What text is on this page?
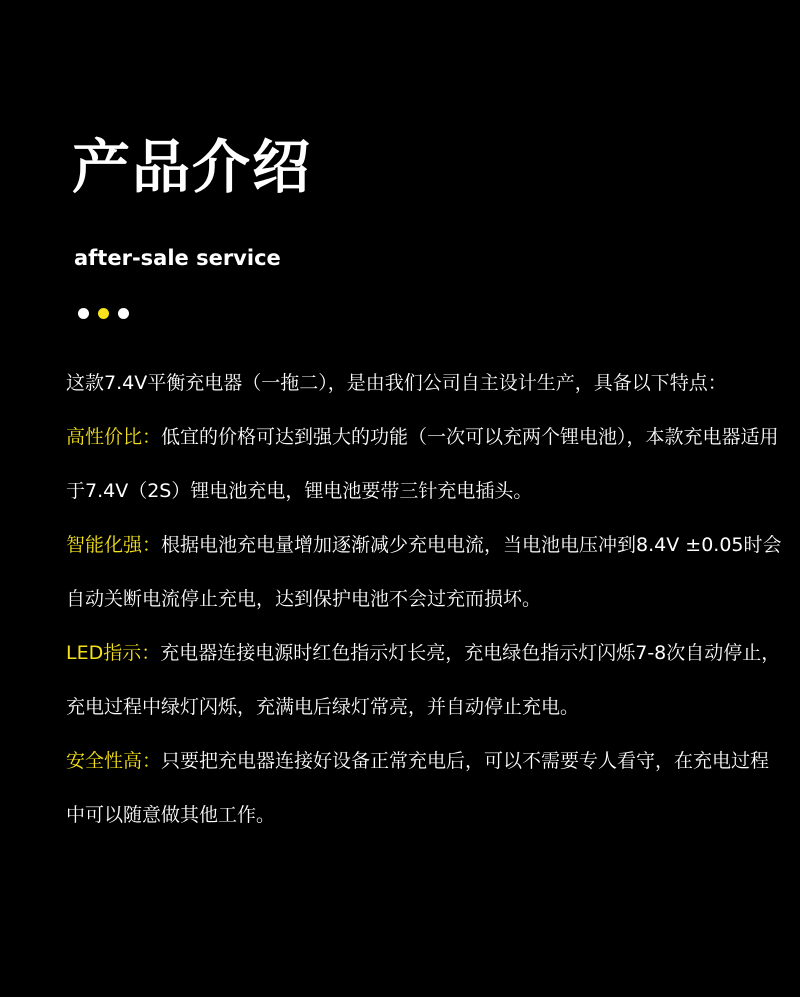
产品介绍

after-sale service

这款7.4V平衡充电器（一拖二），是由我们公司自主设计生产，具备以下特点：

高性价比：低宜的价格可达到强大的功能（一次可以充两个锂电池），本款充电器适用于7.4V（2S）锂电池充电，锂电池要带三针充电插头。

智能化强：根据电池充电量增加逐渐减少充电电流，当电池电压冲到8.4V ±0.05时会自动关断电流停止充电，达到保护电池不会过充而损坏。

LED指示：充电器连接电源时红色指示灯长亮，充电绿色指示灯闪烁7-8次自动停止，充电过程中绿灯闪烁，充满电后绿灯常亮，并自动停止充电。

安全性高：只要把充电器连接好设备正常充电后，可以不需要专人看守，在充电过程中可以随意做其他工作。
